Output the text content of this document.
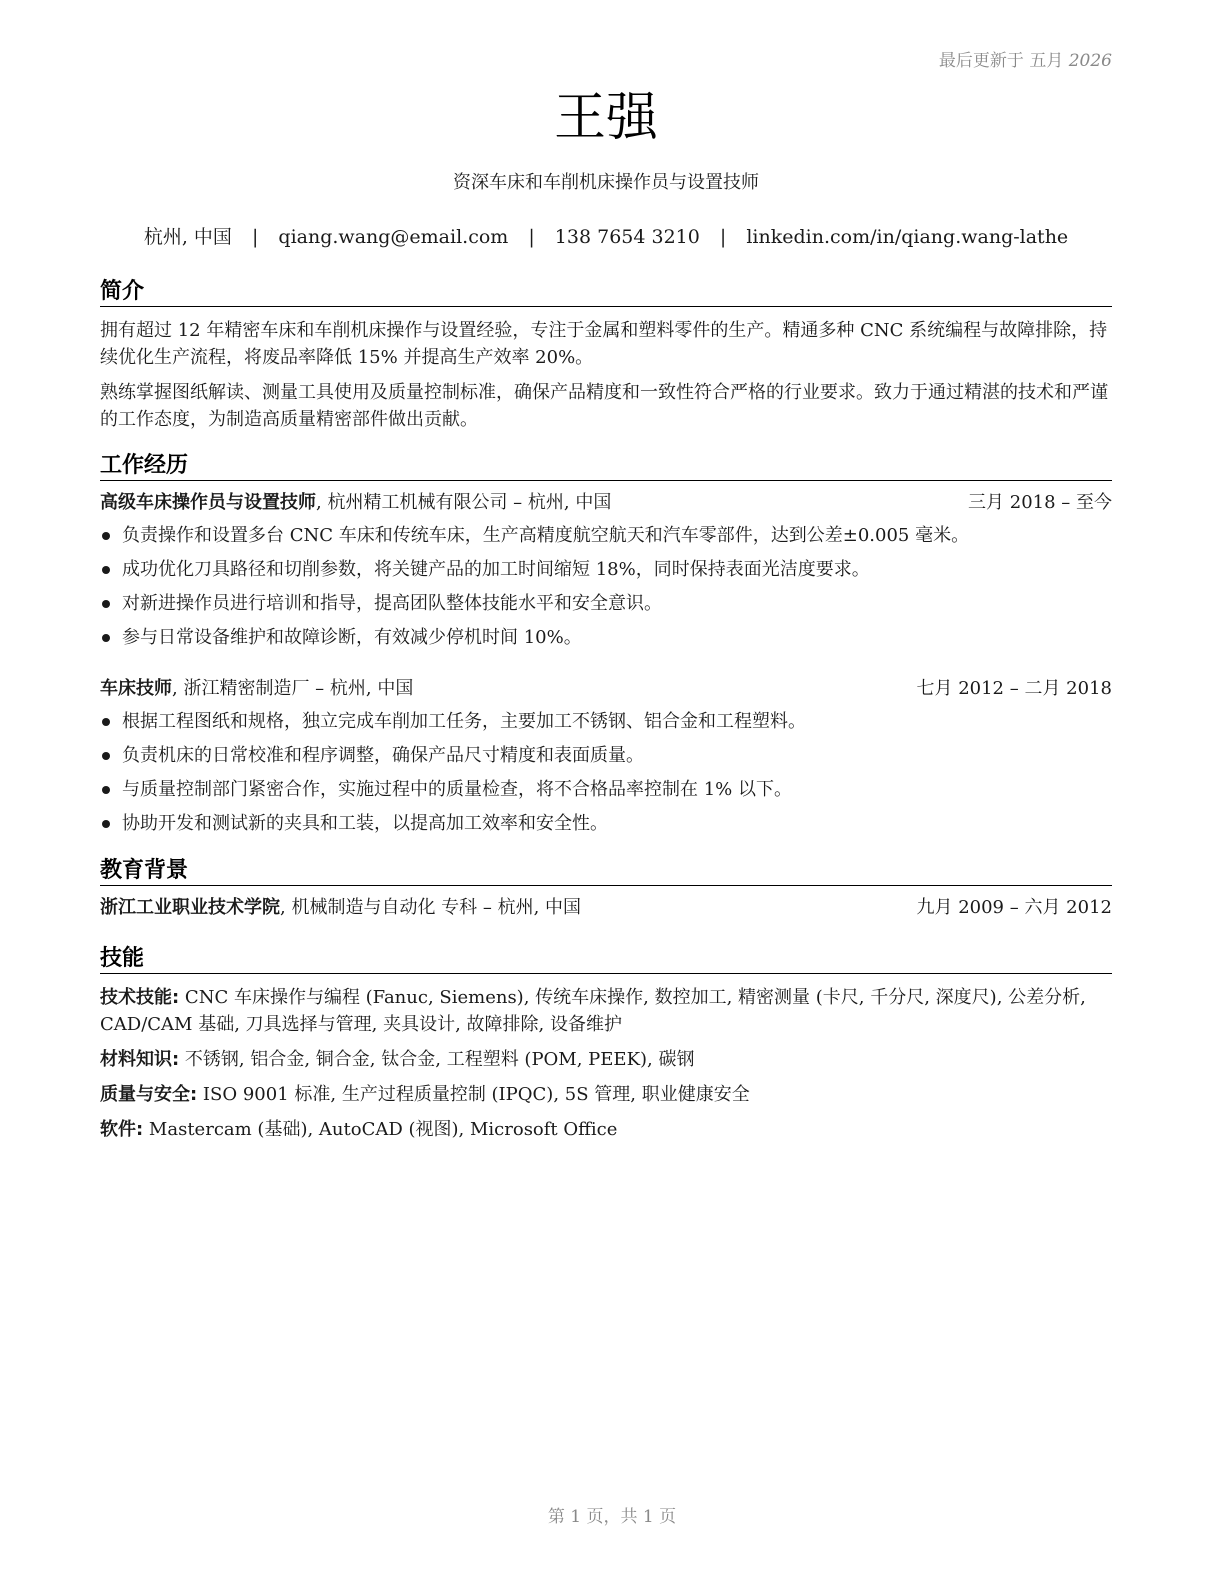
最后更新于 五月 2026
王强
资深车床和车削机床操作员与设置技师
杭州, 中国 | qiang.wang@email.com | 138 7654 3210 | linkedin.com/in/qiang.wang-lathe
简介

拥有超过 12 年精密车床和车削机床操作与设置经验，专注于金属和塑料零件的生产。精通多种 CNC 系统编程与故障排除，持续优化生产流程，将废品率降低 15% 并提高生产效率 20%。

熟练掌握图纸解读、测量工具使用及质量控制标准，确保产品精度和一致性符合严格的行业要求。致力于通过精湛的技术和严谨的工作态度，为制造高质量精密部件做出贡献。

工作经历
高级车床操作员与设置技师, 杭州精工机械有限公司 – 杭州, 中国	三月 2018 – 至今
负责操作和设置多台 CNC 车床和传统车床，生产高精度航空航天和汽车零部件，达到公差±0.005 毫米。
成功优化刀具路径和切削参数，将关键产品的加工时间缩短 18%，同时保持表面光洁度要求。
对新进操作员进行培训和指导，提高团队整体技能水平和安全意识。
参与日常设备维护和故障诊断，有效减少停机时间 10%。
车床技师, 浙江精密制造厂 – 杭州, 中国	七月 2012 – 二月 2018
根据工程图纸和规格，独立完成车削加工任务，主要加工不锈钢、铝合金和工程塑料。
负责机床的日常校准和程序调整，确保产品尺寸精度和表面质量。
与质量控制部门紧密合作，实施过程中的质量检查，将不合格品率控制在 1% 以下。
协助开发和测试新的夹具和工装，以提高加工效率和安全性。
教育背景
浙江工业职业技术学院, 机械制造与自动化 专科 – 杭州, 中国	九月 2009 – 六月 2012
技能
技术技能: CNC 车床操作与编程 (Fanuc, Siemens), 传统车床操作, 数控加工, 精密测量 (卡尺, 千分尺, 深度尺), 公差分析, CAD/CAM 基础, 刀具选择与管理, 夹具设计, 故障排除, 设备维护
材料知识: 不锈钢, 铝合金, 铜合金, 钛合金, 工程塑料 (POM, PEEK), 碳钢
质量与安全: ISO 9001 标准, 生产过程质量控制 (IPQC), 5S 管理, 职业健康安全
软件: Mastercam (基础), AutoCAD (视图), Microsoft Office
第 1 页，共 1 页
